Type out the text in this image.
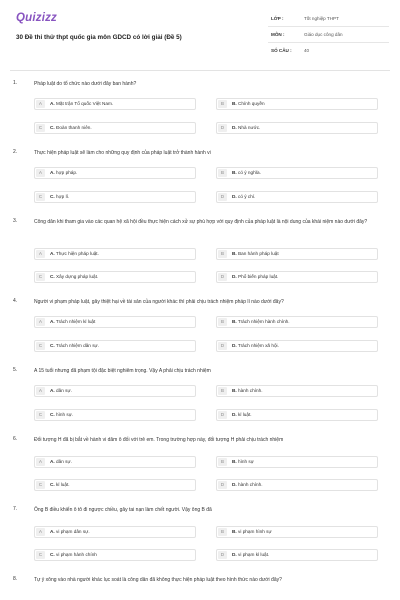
Quizizz
30 Đề thi thử thpt quốc gia môn GDCD có lời giải (Đề 5)
LỚP :	Tốt nghiệp THPT
MÔN :	Giáo dục công dân
SỐ CÂU :	40
1.	Pháp luật do tổ chức nào dưới đây ban hành?
A	A. Mặt trận Tổ quốc Việt Nam.	B	B. Chính quyền
C	C. Đoàn thanh niên.	D	D. Nhà nước.
2.	Thực hiện pháp luật sẽ làm cho những quy định của pháp luật trở thành hành vi
A	A. hợp pháp.	B	B. có ý nghĩa.
C	C. hợp lí.	D	D. có ý chí.
3.	Công dân khi tham gia vào các quan hệ xã hội đều thực hiện cách xử sự phù hợp với quy định của pháp luật là nội dung của khái niệm nào dưới đây?
A	A. Thực hiện pháp luật.	B	B. Ban hành pháp luật
C	C. Xây dựng pháp luật.	D	D. Phổ biến pháp luật.
4.	Người vi phạm pháp luật, gây thiệt hại về tài sản của người khác thì phải chịu trách nhiệm pháp lí nào dưới đây?
A	A. Trách nhiệm kỉ luật	B	B. Trách nhiệm hành chính.
C	C. Trách nhiệm dân sự.	D	D. Trách nhiệm xã hội.
5.	A 15 tuổi nhưng đã phạm tội đặc biệt nghiêm trọng. Vậy A phải chịu trách nhiệm
A	A. dân sự.	B	B. hành chính.
C	C. hình sự.	D	D. kỉ luật.
6.	Đối tượng H đã bị bắt về hành vi dâm ô đối với trẻ em. Trong trường hợp này, đối tượng H phải chịu trách nhiệm
A	A. dân sự.	B	B. hình sự
C	C. kỉ luật.	D	D. hành chính.
7.	Ông B điều khiển ô tô đi ngược chiều, gây tai nạn làm chết người. Vậy ông B đã
A	A. vi phạm dân sự.	B	B. vi phạm hình sự
C	C. vi phạm hành chính	D	D. vi phạm kỉ luật.
8.	Tự ý xông vào nhà người khác lục soát là công dân đã không thực hiện pháp luật theo hình thức nào dưới đây?
